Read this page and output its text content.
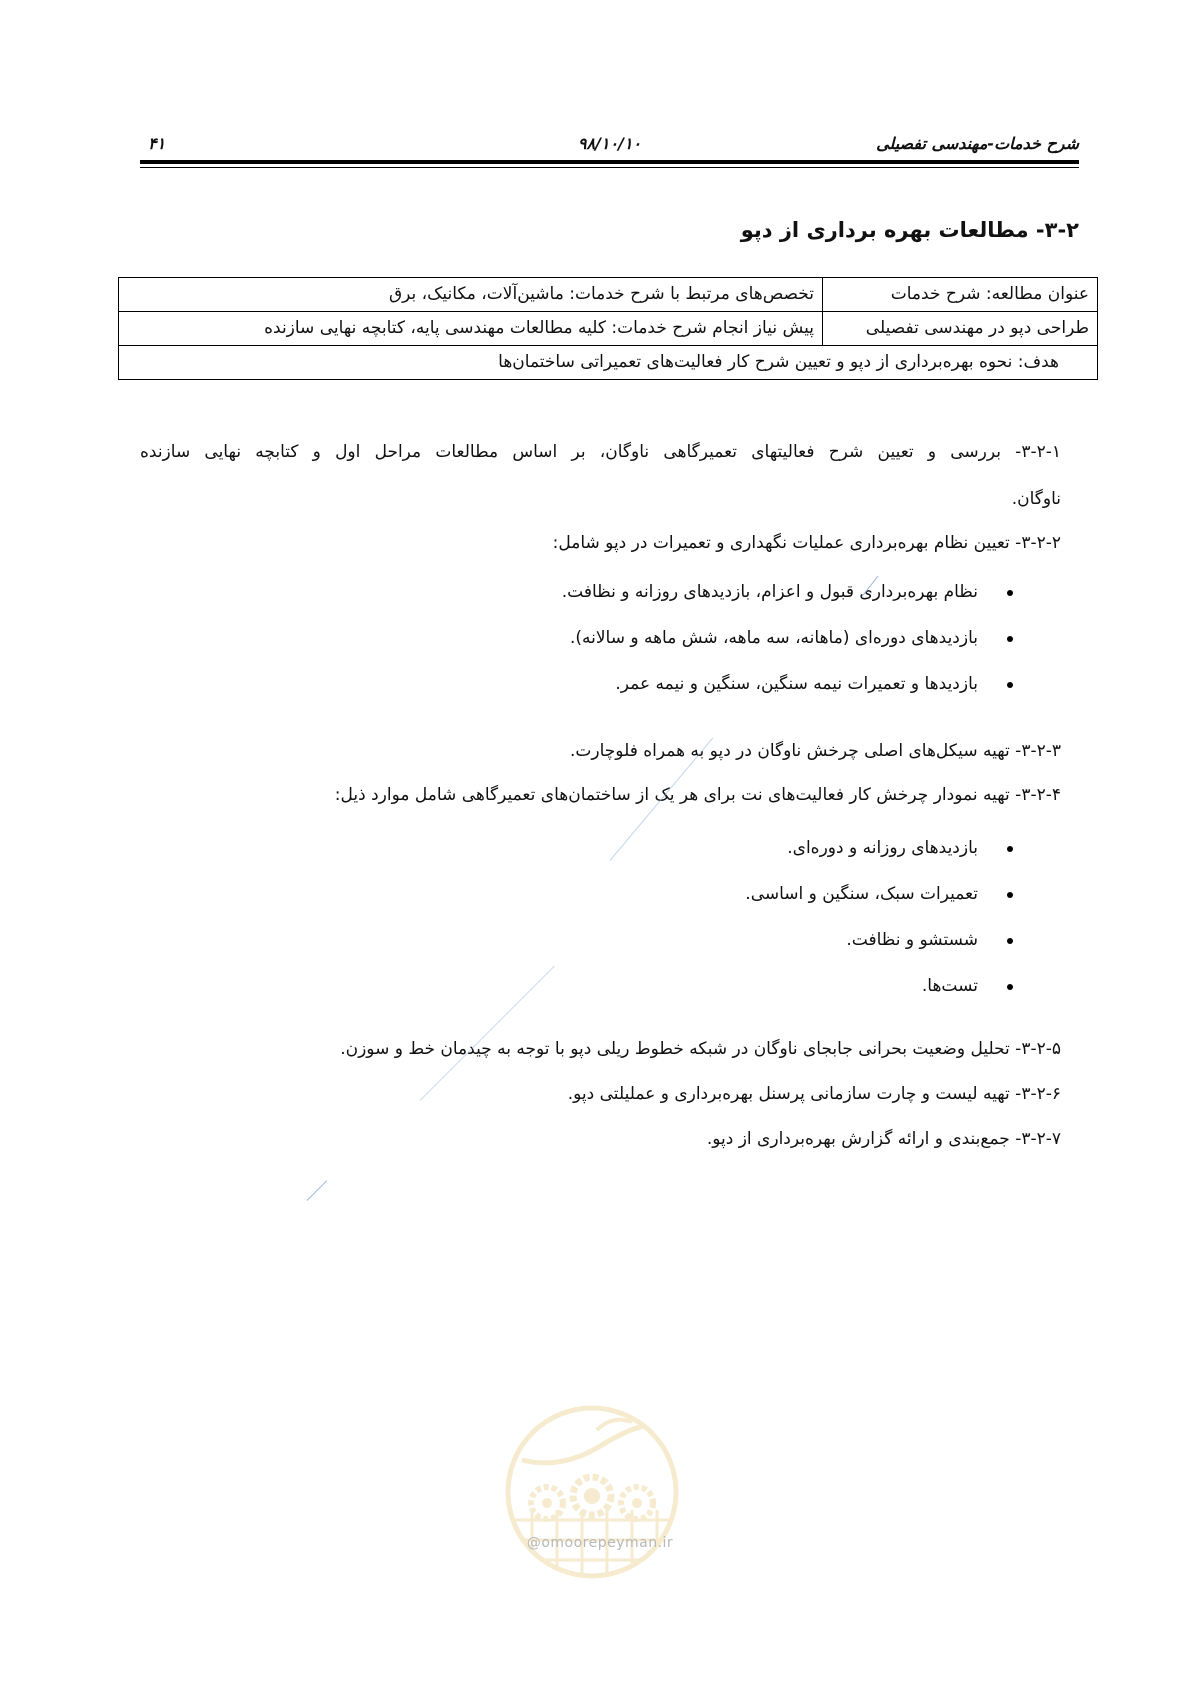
شرح خدمات-مهندسی تفصیلی
۹۸/۱۰/۱۰
۴۱
۳-۲- مطالعات بهره برداری از دپو
عنوان مطالعه: شرح خدمات	تخصص‌های مرتبط با شرح خدمات: ماشین‌آلات، مکانیک، برق
طراحی دپو در مهندسی تفصیلی	پیش نیاز انجام شرح خدمات: کلیه مطالعات مهندسی پایه، کتابچه نهایی سازنده
هدف: نحوه بهره‌برداری از دپو و تعیین شرح کار فعالیت‌های تعمیراتی ساختمان‌ها	
۳-۲-۱- بررسی و تعیین شرح فعالیتهای تعمیرگاهی ناوگان، بر اساس مطالعات مراحل اول و کتابچه نهایی سازنده
ناوگان.
۳-۲-۲- تعیین نظام بهره‌برداری عملیات نگهداری و تعمیرات در دپو شامل:
نظام بهره‌برداری قبول و اعزام، بازدیدهای روزانه و نظافت.
بازدیدهای دوره‌ای (ماهانه، سه ماهه، شش ماهه و سالانه).
بازدیدها و تعمیرات نیمه سنگین، سنگین و نیمه عمر.
۳-۲-۳- تهیه سیکل‌های اصلی چرخش ناوگان در دپو به همراه فلوچارت.
۳-۲-۴- تهیه نمودار چرخش کار فعالیت‌های نت برای هر یک از ساختمان‌های تعمیرگاهی شامل موارد ذیل:
بازدیدهای روزانه و دوره‌ای.
تعمیرات سبک، سنگین و اساسی.
شستشو و نظافت.
تست‌ها.
۳-۲-۵- تحلیل وضعیت بحرانی جابجای ناوگان در شبکه خطوط ریلی دپو با توجه به چیدمان خط و سوزن.
۳-۲-۶- تهیه لیست و چارت سازمانی پرسنل بهره‌برداری و عملیلتی دپو.
۳-۲-۷- جمع‌بندی و ارائه گزارش بهره‌برداری از دپو.
@omoorepeyman.ir
